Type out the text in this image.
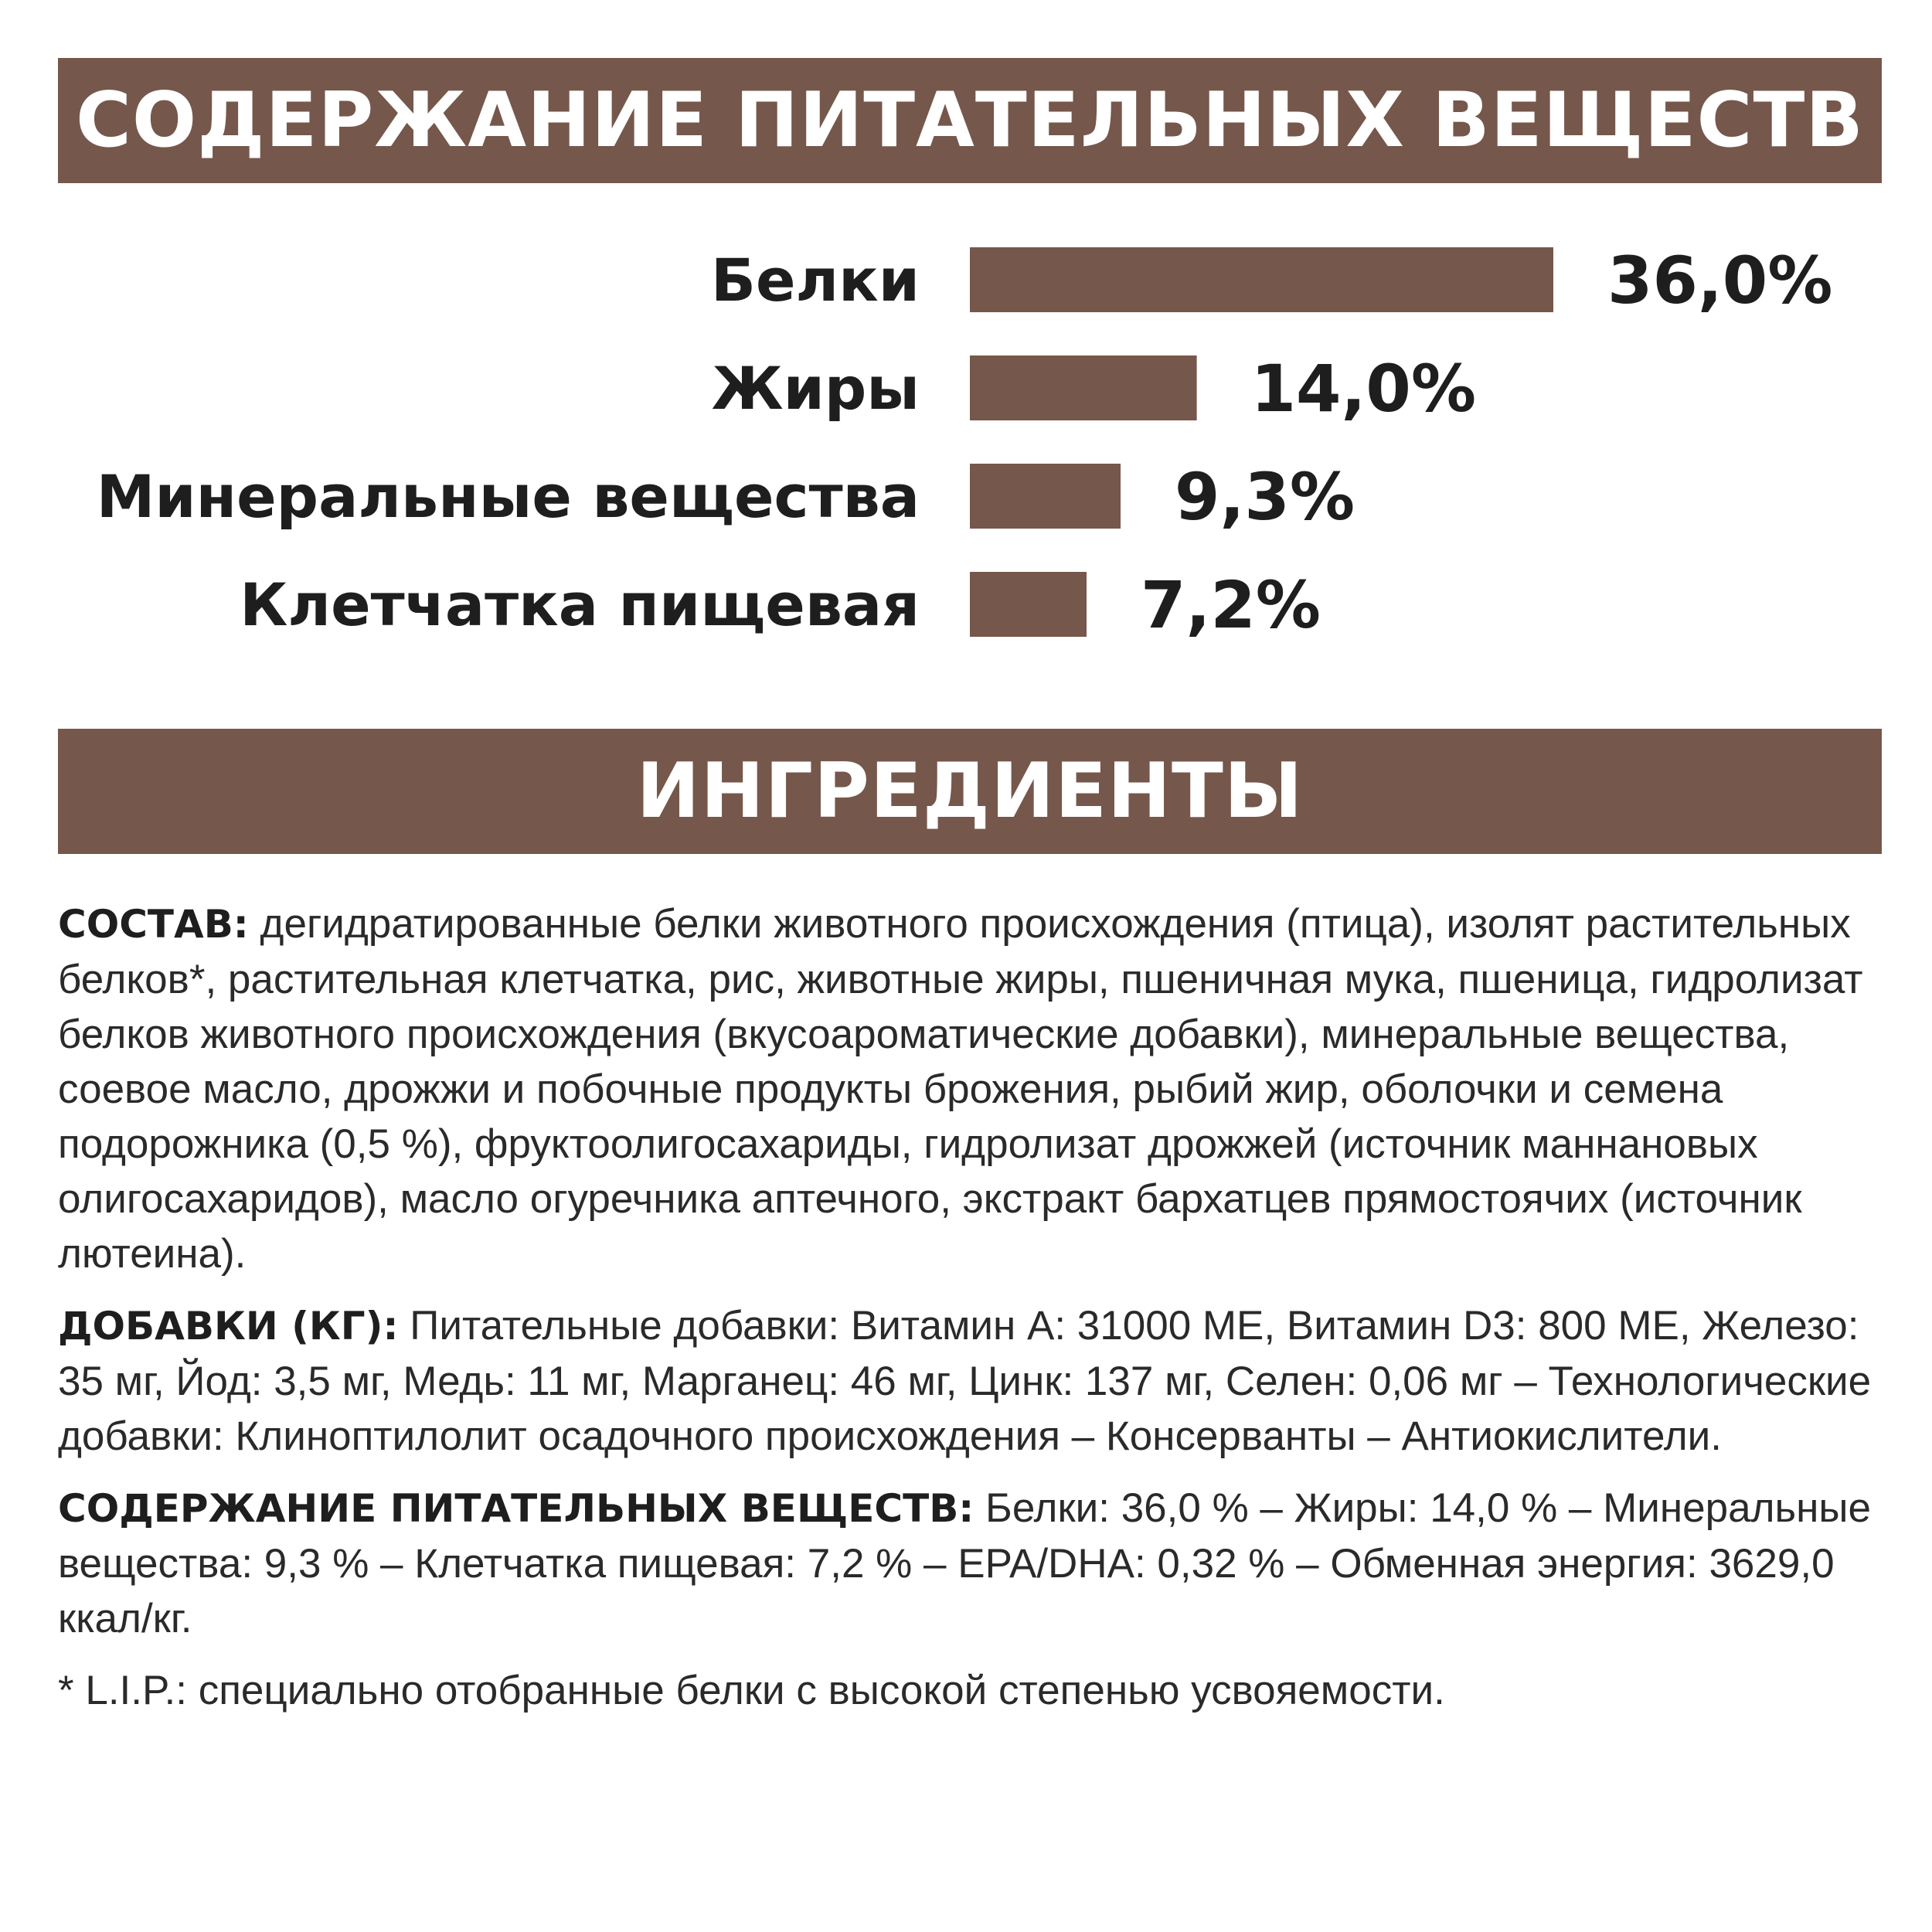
СОДЕРЖАНИЕ ПИТАТЕЛЬНЫХ ВЕЩЕСТВ
Белки	36,0%
Жиры	14,0%
Минеральные вещества	9,3%
Клетчатка пищевая	7,2%
ИНГРЕДИЕНТЫ

СОСТАВ: дегидратированные белки животного происхождения (птица), изолят растительных белков*, растительная клетчатка, рис, животные жиры, пшеничная мука, пшеница, гидролизат белков животного происхождения (вкусоароматические добавки), минеральные вещества, соевое масло, дрожжи и побочные продукты брожения, рыбий жир, оболочки и семена подорожника (0,5 %), фруктоолигосахариды, гидролизат дрожжей (источник маннановых олигосахаридов), масло огуречника аптечного, экстракт бархатцев прямостоячих (источник лютеина).

ДОБАВКИ (КГ): Питательные добавки: Витамин A: 31000 МЕ, Витамин D3: 800 МЕ, Железо: 35 мг, Йод: 3,5 мг, Медь: 11 мг, Марганец: 46 мг, Цинк: 137 мг, Селен: 0,06 мг – Технологические добавки: Клиноптилолит осадочного происхождения – Консерванты – Антиокислители.

СОДЕРЖАНИЕ ПИТАТЕЛЬНЫХ ВЕЩЕСТВ: Белки: 36,0 % – Жиры: 14,0 % – Минеральные вещества: 9,3 % – Клетчатка пищевая: 7,2 % – EPA/DHA: 0,32 % – Обменная энергия: 3629,0 ккал/кг.

* L.I.P.: специально отобранные белки с высокой степенью усвояемости.
